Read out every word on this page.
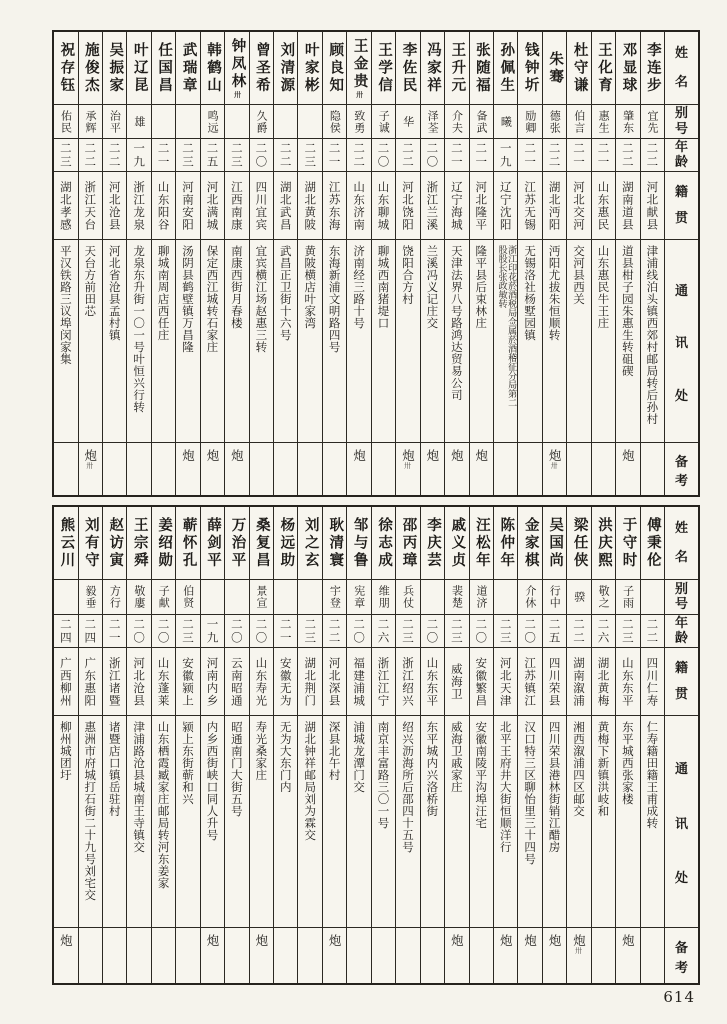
姓
名
别
号
年
龄
籍
贯
通
讯
处
备
考
李连步
宜先
二二
河北献县
津浦线泊头镇西郊村邮局转后孙村
邓显球
肇东
二二
湖南道县
道县柑子园朱惠生转砠碶
炮
王化育
惠生
二一
山东惠民
山东惠民牛王庄
杜守谦
伯言
二一
河北交河
交河县西关
朱骞
德张
二二
湖北沔阳
沔阳尤拔朱恒顺转
炮卅
钱钟圻
励卿
二一
江苏无锡
无锡洛社杨墅园镇
孙佩生
曦
一九
辽宁沈阳
浙江印花菸酒税局佥属菸酒稽征分局第二股股长张政敏转
张随福
备武
二一
河北隆平
隆平县后束林庄
炮
王升元
介夫
二一
辽宁海城
天津法界八号路鸿达贸易公司
炮
冯家祥
泽荃
二〇
浙江兰溪
兰溪冯义记庄交
炮
李佐民
华
二二
河北饶阳
饶阳合方村
炮卅
王学信
子诚
二〇
山东聊城
聊城西南猪堤口
王金贵卅
致勇
二二
山东济南
济南经三路十号
炮
顾良知
隐侯
二一
江苏东海
东海新浦文明路四号
叶家彬
二三
湖北黄陂
黄陂横店叶家湾
刘清源
二二
湖北武昌
武昌正卫街十六号
曾圣希
久爵
二〇
四川宜宾
宜宾横江场赵惠三转
钟凤林卅
二三
江西南康
南康西街月春楼
炮
韩鹤山
鸣远
二五
河北满城
保定西江城转石家庄
炮
武瑞章
二三
河南安阳
汤阴县鹤壁镇万昌隆
炮
任国昌
二一
山东阳谷
聊城南周店西任庄
叶辽昆
雄
一九
浙江龙泉
龙泉东升街一〇一号叶恒兴行转
吴振家
治平
二二
河北沧县
河北省沧县孟村镇
施俊杰
承辉
二二
浙江天台
天台方前田芯
炮卅
祝存钰
佑民
二三
湖北孝感
平汉铁路三议埠闵家集
姓
名
别
号
年
龄
籍
贯
通
讯
处
备
考
傅秉伦
二二
四川仁寿
仁寿籍田籍王甫成转
于守时
子雨
二三
山东东平
东平城西张家楼
炮
洪庆熙
敬之
二六
湖北黄梅
黄梅下新镇洪岐和
梁任侠
骙
二二
湖南溆浦
湘西溆浦四区邮交
炮卅
吴国尚
行中
二五
四川荣县
四川荣县港林街销江醋房
炮
金家棋
介休
二〇
江苏镇江
汉口特三区聊怡里三十四号
炮
陈仲年
二三
河北天津
北平王府井大街恒顺洋行
炮
汪松年
道济
二〇
安徽繁昌
安徽南陵平沟埠汪宅
戚义贞
裴楚
二三
威海卫
威海卫戚家庄
炮
李庆芸
二〇
山东东平
东平城内兴洛桥街
邵丙璋
兵仗
二三
浙江绍兴
绍兴沥海所后邵四十五号
徐志成
维朋
二六
浙江江宁
南京丰富路三〇一号
邹与鲁
宪章
二〇
福建浦城
浦城龙潭门交
耿清寰
宇登
二二
河北深县
深县北午村
炮
刘之玄
二三
湖北荆门
湖北钟祥邮局刘为霖交
杨远助
二一
安徽无为
无为大东门内
桑复昌
景宣
二〇
山东寿光
寿光桑家庄
炮
万治平
二〇
云南昭通
昭通南门大街五号
薛剑平
一九
河南内乡
内乡西街峡口同人升号
炮
蕲怀孔
伯贤
二三
安徽颍上
颍上东街蕲和兴
姜绍勋
子献
二〇
山东蓬莱
山东栖霞臧家庄邮局转河东姜家
王宗舜
敬廔
二〇
河北沧县
津浦路沧县城南王寺镇交
赵访寅
方行
二一
浙江诸暨
诸暨店口镇岳驻村
刘有守
毅垂
二四
广东惠阳
惠洲市府城打石街二十九号刘宅交
熊云川
二四
广西柳州
柳州城团圩
炮
614
